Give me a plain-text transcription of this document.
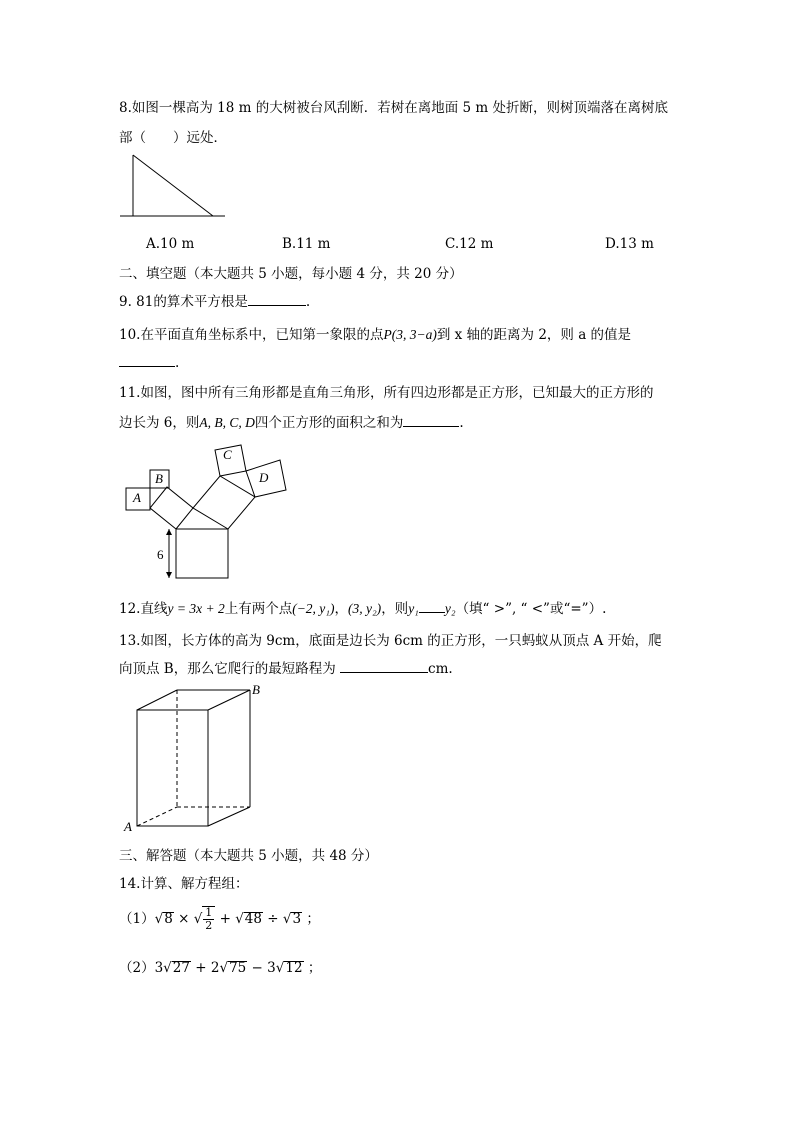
8.如图一棵高为 18 m 的大树被台风刮断．若树在离地面 5 m 处折断，则树顶端落在离树底
部（　　）远处．
A.10 m	B.11 m	C.12 m	D.13 m
二、填空题（本大题共 5 小题，每小题 4 分，共 20 分）
9. 81的算术平方根是	.
10.在平面直角坐标系中，已知第一象限的点P(3, 3−a)到 x 轴的距离为 2，则 a 的值是
.
11.如图，图中所有三角形都是直角三角形，所有四边形都是正方形，已知最大的正方形的
边长为 6，则A, B, C, D四个正方形的面积之和为	.
A
B
C
D
6
12.直线y = 3x + 2上有两个点(−2, y₁)，(3, y₂)，则y₁ y₂（填“ >”, “ <”或“=”）.
13.如图，长方体的高为 9cm，底面是边长为 6cm 的正方形，一只蚂蚁从顶点 A 开始，爬
向顶点 B，那么它爬行的最短路程为	cm.
B
A
三、解答题（本大题共 5 小题，共 48 分）
14.计算、解方程组：
（1）√8 × √ $\frac{1}{2} + √48 \div √3$ ；
（2）3√27 + 2√75 − 3√12 ；
